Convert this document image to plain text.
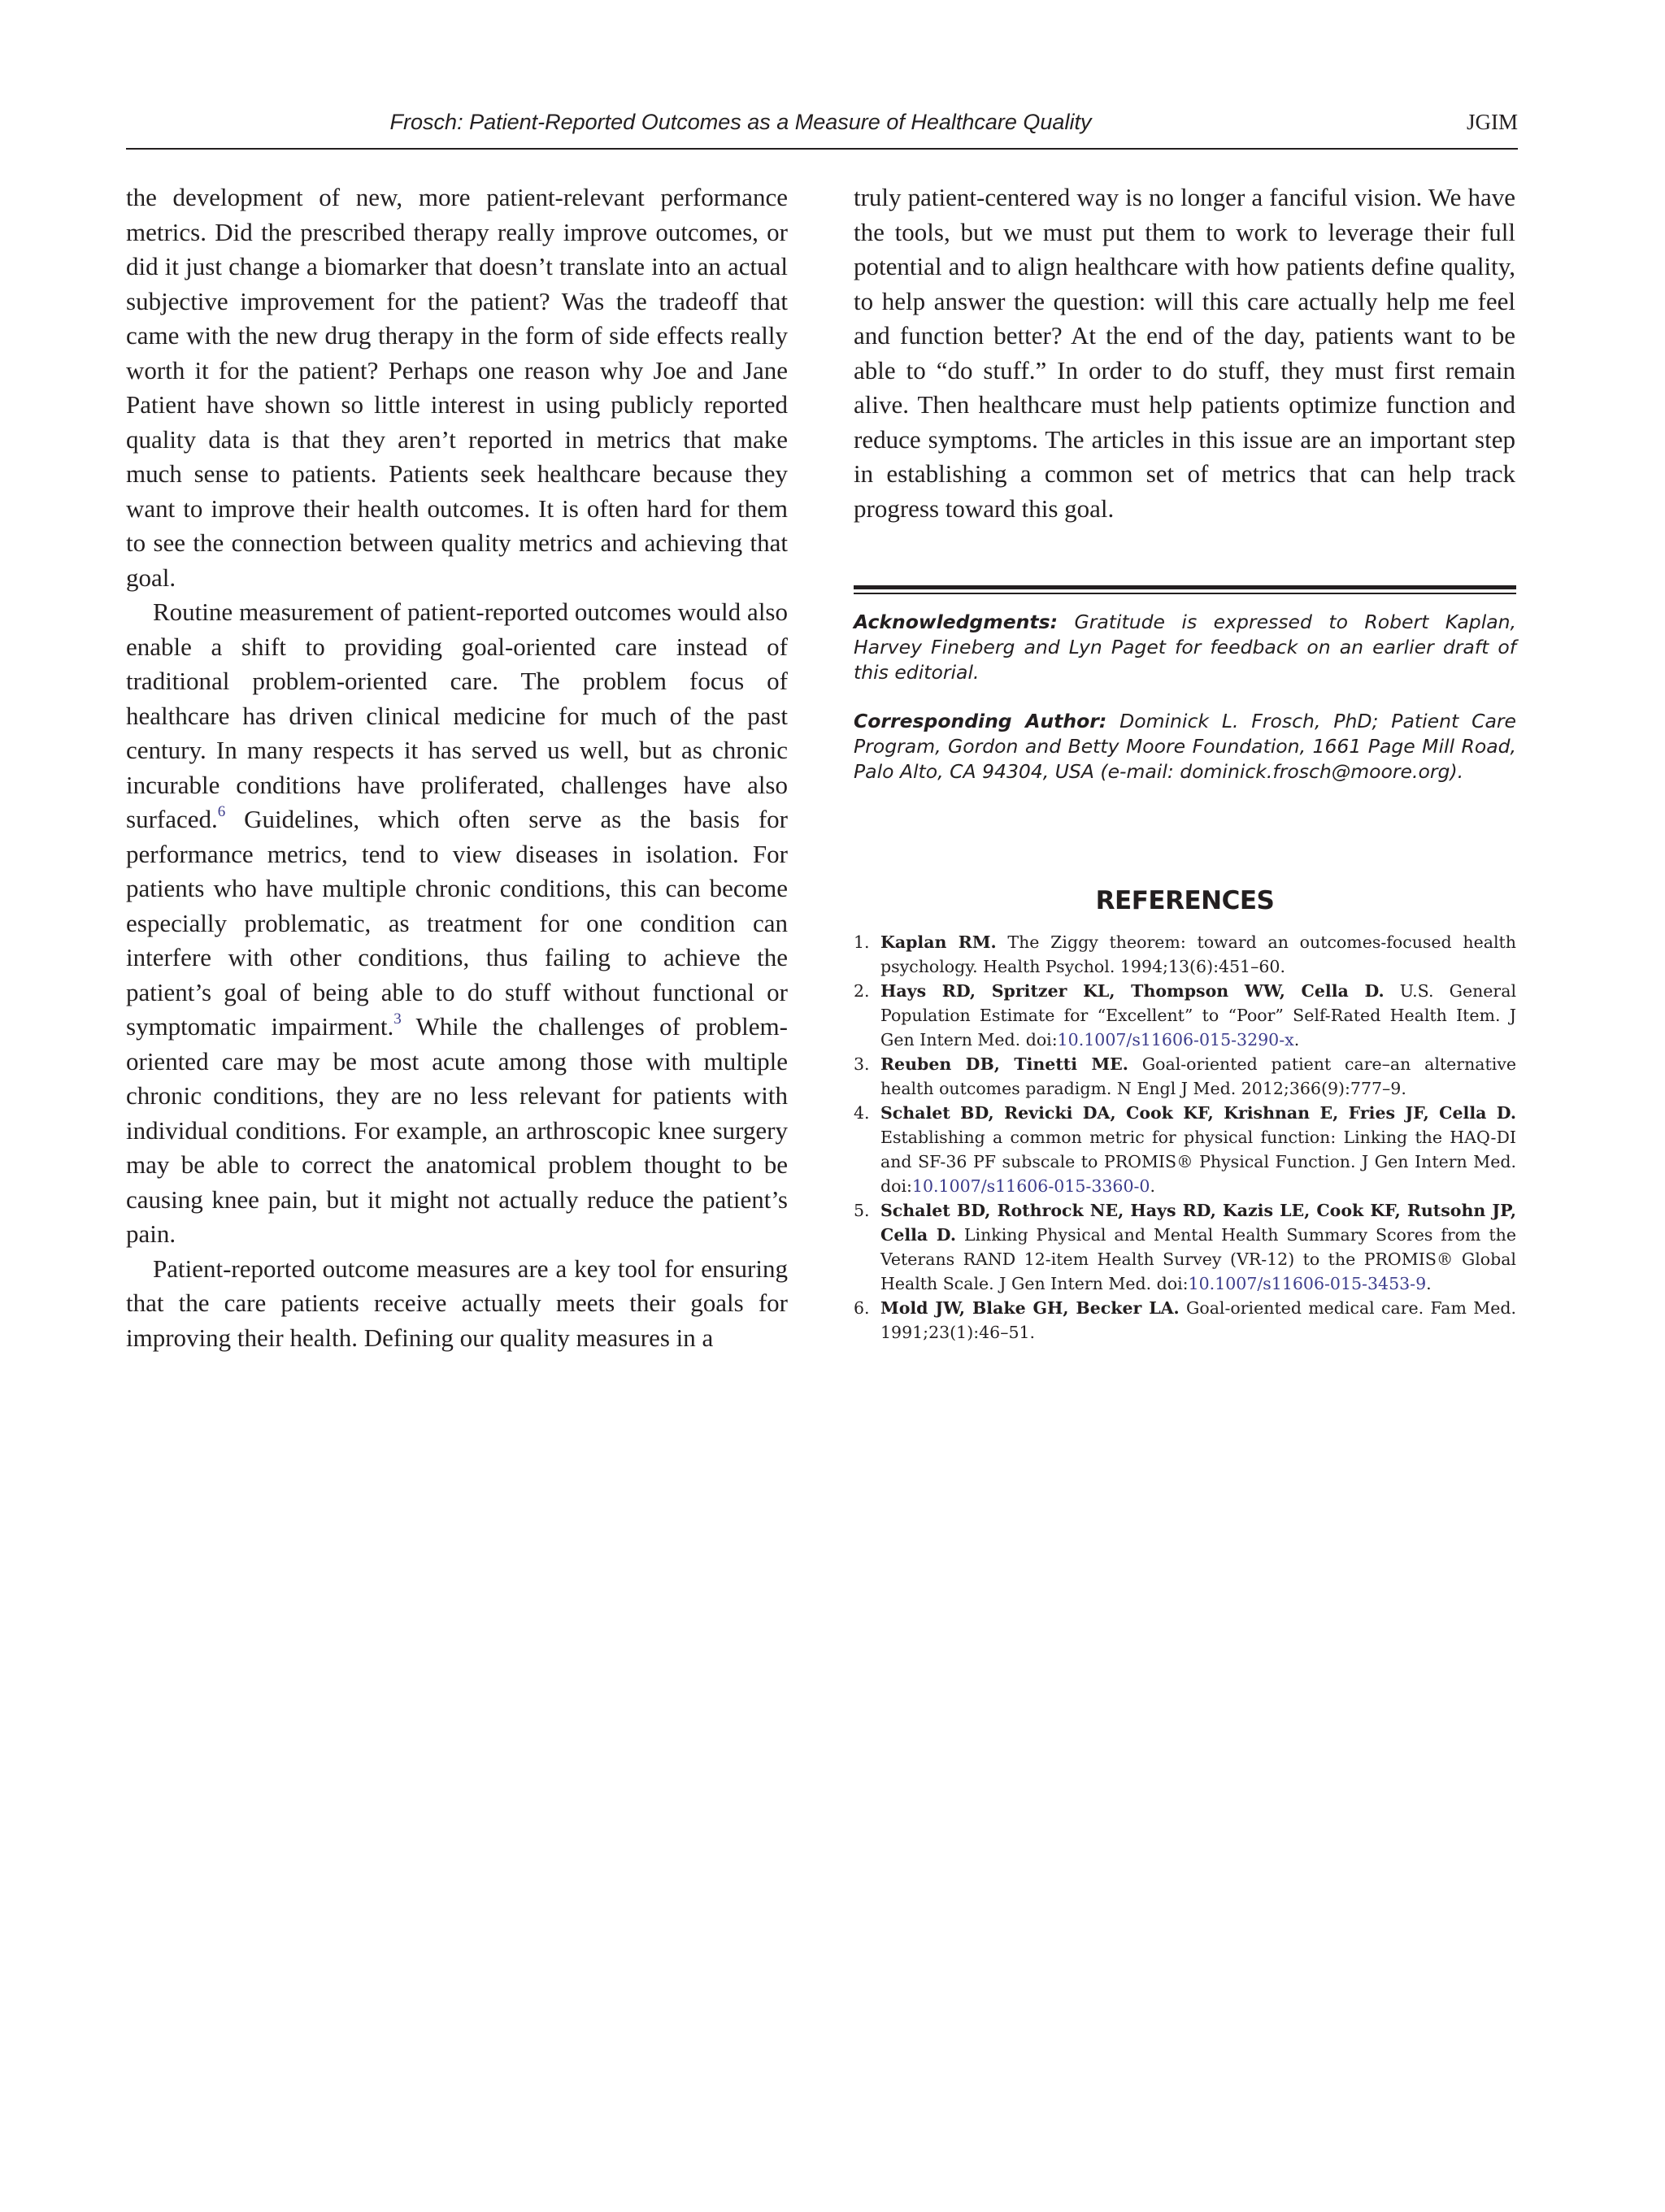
Frosch: Patient-Reported Outcomes as a Measure of Healthcare Quality	JGIM

the development of new, more patient-relevant performance metrics. Did the prescribed therapy really improve outcomes, or did it just change a biomarker that doesn’t translate into an actual subjective improvement for the patient? Was the tradeoff that came with the new drug therapy in the form of side effects really worth it for the patient? Perhaps one reason why Joe and Jane Patient have shown so little interest in using publicly reported quality data is that they aren’t reported in metrics that make much sense to patients. Patients seek healthcare because they want to improve their health outcomes. It is often hard for them to see the connection between quality metrics and achieving that goal.

Routine measurement of patient-reported outcomes would also enable a shift to providing goal-oriented care instead of traditional problem-oriented care. The problem focus of healthcare has driven clinical medicine for much of the past century. In many respects it has served us well, but as chronic incurable conditions have proliferated, challenges have also surfaced.$^6$ Guidelines, which often serve as the basis for performance metrics, tend to view diseases in isolation. For patients who have multiple chronic conditions, this can become especially problematic, as treatment for one condition can interfere with other conditions, thus failing to achieve the patient’s goal of being able to do stuff without functional or symptomatic impairment.$^3$ While the challenges of problem-oriented care may be most acute among those with multiple chronic conditions, they are no less relevant for patients with individual conditions. For example, an arthroscopic knee surgery may be able to correct the anatomical problem thought to be causing knee pain, but it might not actually reduce the patient’s pain.

Patient-reported outcome measures are a key tool for ensuring that the care patients receive actually meets their goals for improving their health. Defining our quality measures in a

truly patient-centered way is no longer a fanciful vision. We have the tools, but we must put them to work to leverage their full potential and to align healthcare with how patients define quality, to help answer the question: will this care actually help me feel and function better? At the end of the day, patients want to be able to “do stuff.” In order to do stuff, they must first remain alive. Then healthcare must help patients optimize function and reduce symptoms. The articles in this issue are an important step in establishing a common set of metrics that can help track progress toward this goal.

Acknowledgments: Gratitude is expressed to Robert Kaplan, Harvey Fineberg and Lyn Paget for feedback on an earlier draft of this editorial.

Corresponding Author: Dominick L. Frosch, PhD; Patient Care Program, Gordon and Betty Moore Foundation, 1661 Page Mill Road, Palo Alto, CA 94304, USA (e-mail: dominick.frosch@moore.org).

REFERENCES
1. Kaplan RM. The Ziggy theorem: toward an outcomes-focused health psychology. Health Psychol. 1994;13(6):451–60.
2. Hays RD, Spritzer KL, Thompson WW, Cella D. U.S. General Population Estimate for “Excellent” to “Poor” Self-Rated Health Item. J Gen Intern Med. doi:10.1007/s11606-015-3290-x.
3. Reuben DB, Tinetti ME. Goal-oriented patient care–an alternative health outcomes paradigm. N Engl J Med. 2012;366(9):777–9.
4. Schalet BD, Revicki DA, Cook KF, Krishnan E, Fries JF, Cella D. Establishing a common metric for physical function: Linking the HAQ-DI and SF-36 PF subscale to PROMIS® Physical Function. J Gen Intern Med. doi:10.1007/s11606-015-3360-0.
5. Schalet BD, Rothrock NE, Hays RD, Kazis LE, Cook KF, Rutsohn JP, Cella D. Linking Physical and Mental Health Summary Scores from the Veterans RAND 12-item Health Survey (VR-12) to the PROMIS® Global Health Scale. J Gen Intern Med. doi:10.1007/s11606-015-3453-9.
6. Mold JW, Blake GH, Becker LA. Goal-oriented medical care. Fam Med. 1991;23(1):46–51.
